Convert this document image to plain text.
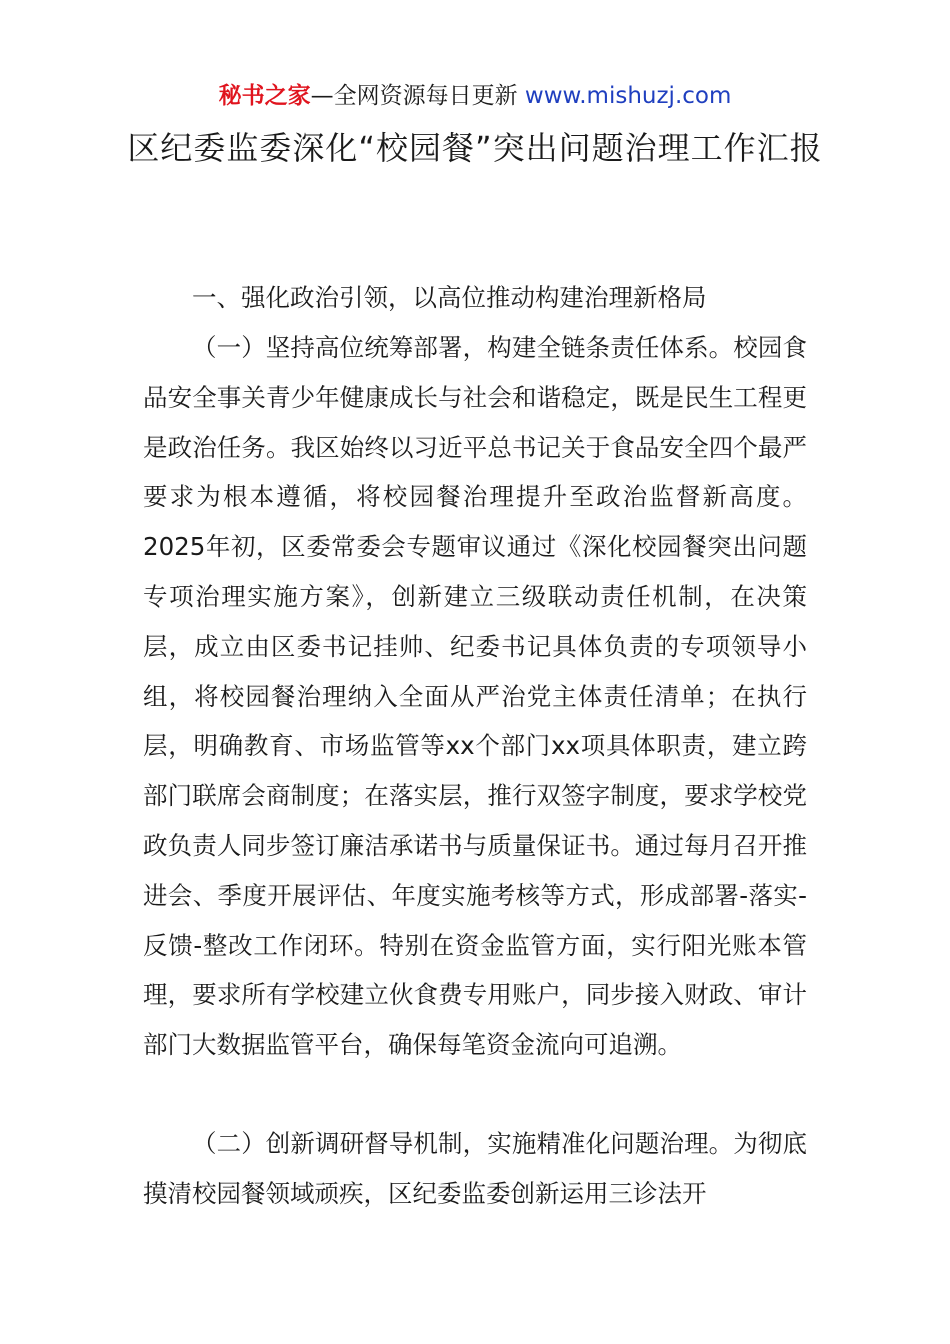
秘书之家—全网资源每日更新 www.mishuzj.com
区纪委监委深化“校园餐”突出问题治理工作汇报

一、强化政治引领，以高位推动构建治理新格局

（一）坚持高位统筹部署，构建全链条责任体系。校园食品安全事关青少年健康成长与社会和谐稳定，既是民生工程更是政治任务。我区始终以习近平总书记关于食品安全四个最严要求为根本遵循，将校园餐治理提升至政治监督新高度。2025年初，区委常委会专题审议通过《深化校园餐突出问题专项治理实施方案》，创新建立三级联动责任机制，在决策层，成立由区委书记挂帅、纪委书记具体负责的专项领导小组，将校园餐治理纳入全面从严治党主体责任清单；在执行层，明确教育、市场监管等xx个部门xx项具体职责，建立跨部门联席会商制度；在落实层，推行双签字制度，要求学校党政负责人同步签订廉洁承诺书与质量保证书。通过每月召开推进会、季度开展评估、年度实施考核等方式，形成部署-落实-反馈-整改工作闭环。特别在资金监管方面，实行阳光账本管理，要求所有学校建立伙食费专用账户，同步接入财政、审计部门大数据监管平台，确保每笔资金流向可追溯。

（二）创新调研督导机制，实施精准化问题治理。为彻底摸清校园餐领域顽疾，区纪委监委创新运用三诊法开
